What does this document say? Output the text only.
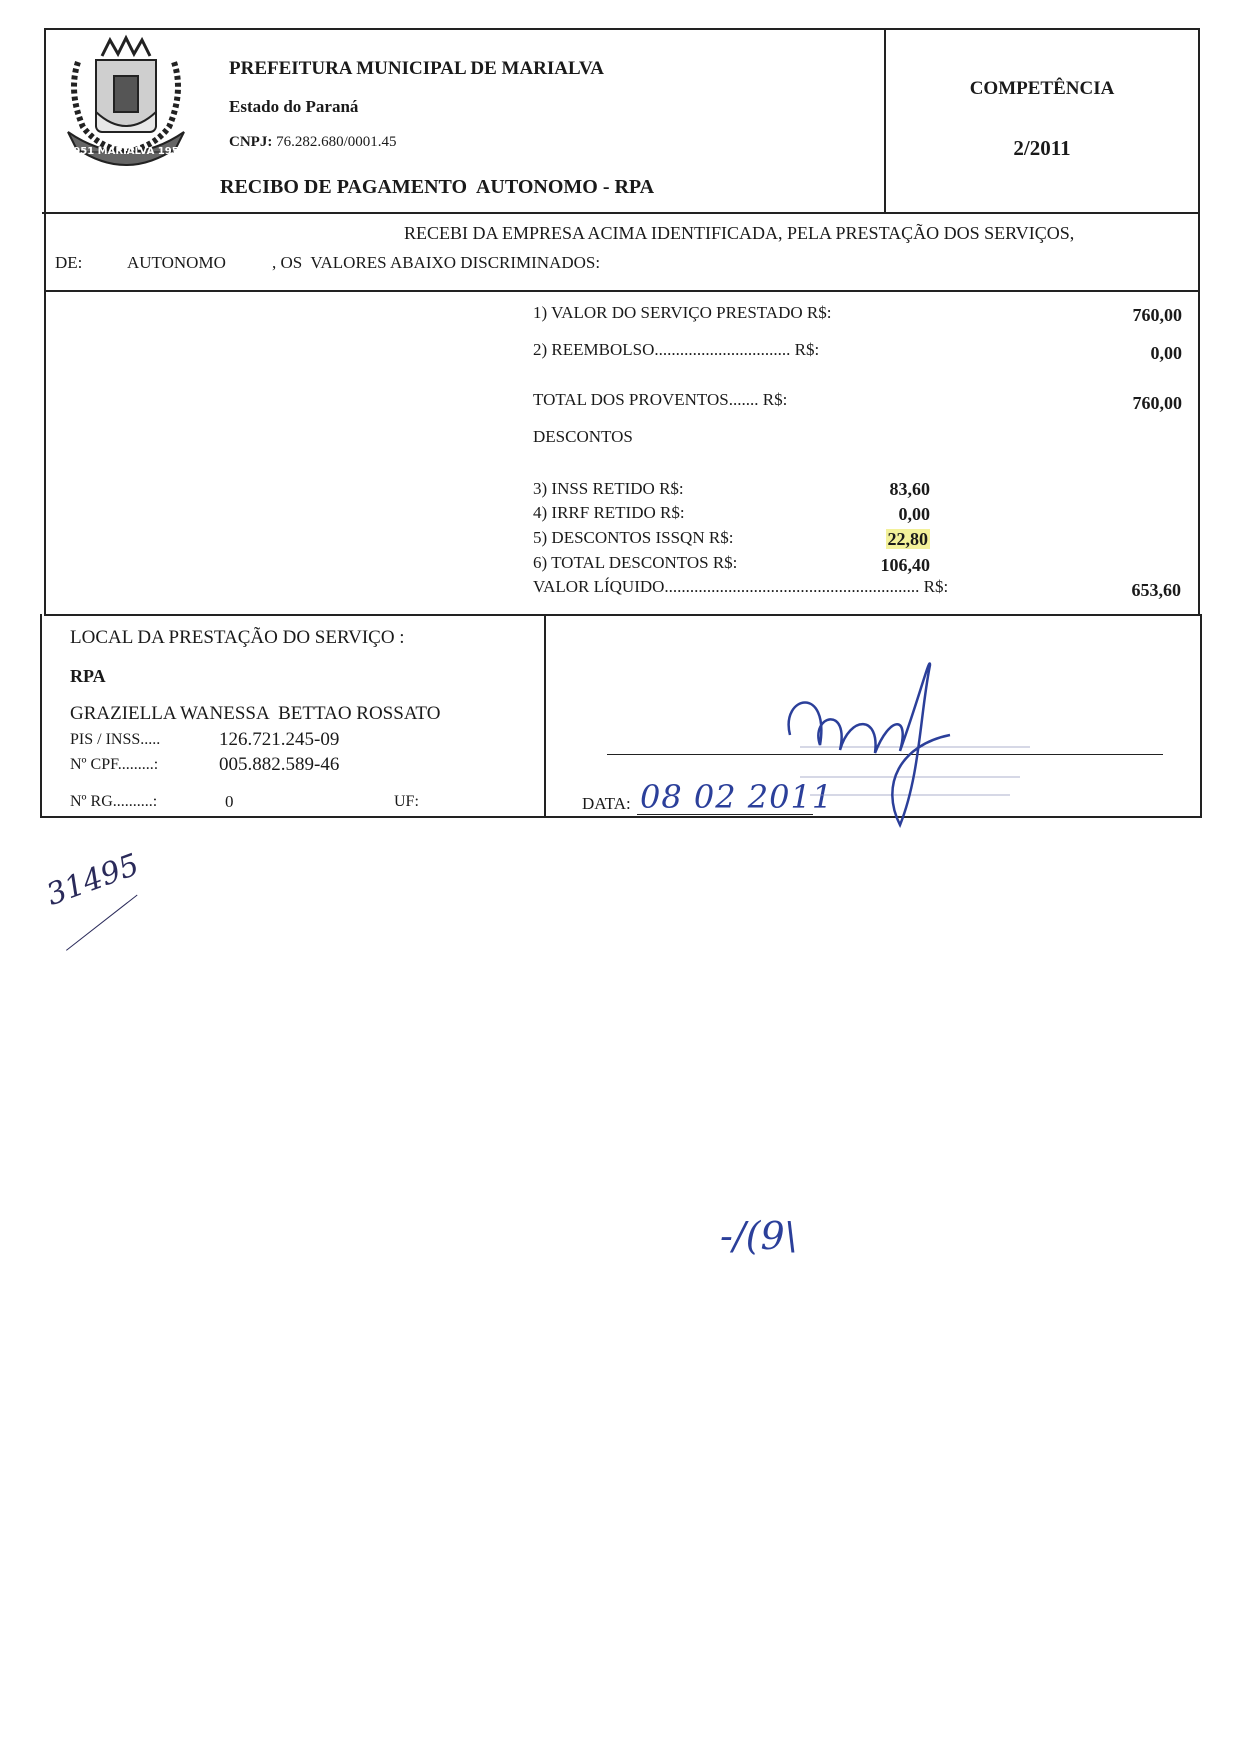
1951 MARIALVA 1951
PREFEITURA MUNICIPAL DE MARIALVA
Estado do Paraná
CNPJ: 76.282.680/0001.45
RECIBO DE PAGAMENTO  AUTONOMO - RPA
COMPETÊNCIA
2/2011
RECEBI DA EMPRESA ACIMA IDENTIFICADA, PELA PRESTAÇÃO DOS SERVIÇOS,
DE:	AUTONOMO	, OS  VALORES ABAIXO DISCRIMINADOS:
1) VALOR DO SERVIÇO PRESTADO R$:	760,00
2) REEMBOLSO................................ R$:	0,00
TOTAL DOS PROVENTOS....... R$:	760,00
DESCONTOS
3) INSS RETIDO R$:	83,60
4) IRRF RETIDO R$:	0,00
5) DESCONTOS ISSQN R$:	22,80
6) TOTAL DESCONTOS R$:	106,40
VALOR LÍQUIDO............................................................ R$:	653,60
LOCAL DA PRESTAÇÃO DO SERVIÇO :
RPA
GRAZIELLA WANESSA  BETTAO ROSSATO
PIS / INSS.....	126.721.245-09
Nº CPF.........:	005.882.589-46
Nº RG..........:	0	UF:	DATA: 08 02 2011
31495
-/(9\
